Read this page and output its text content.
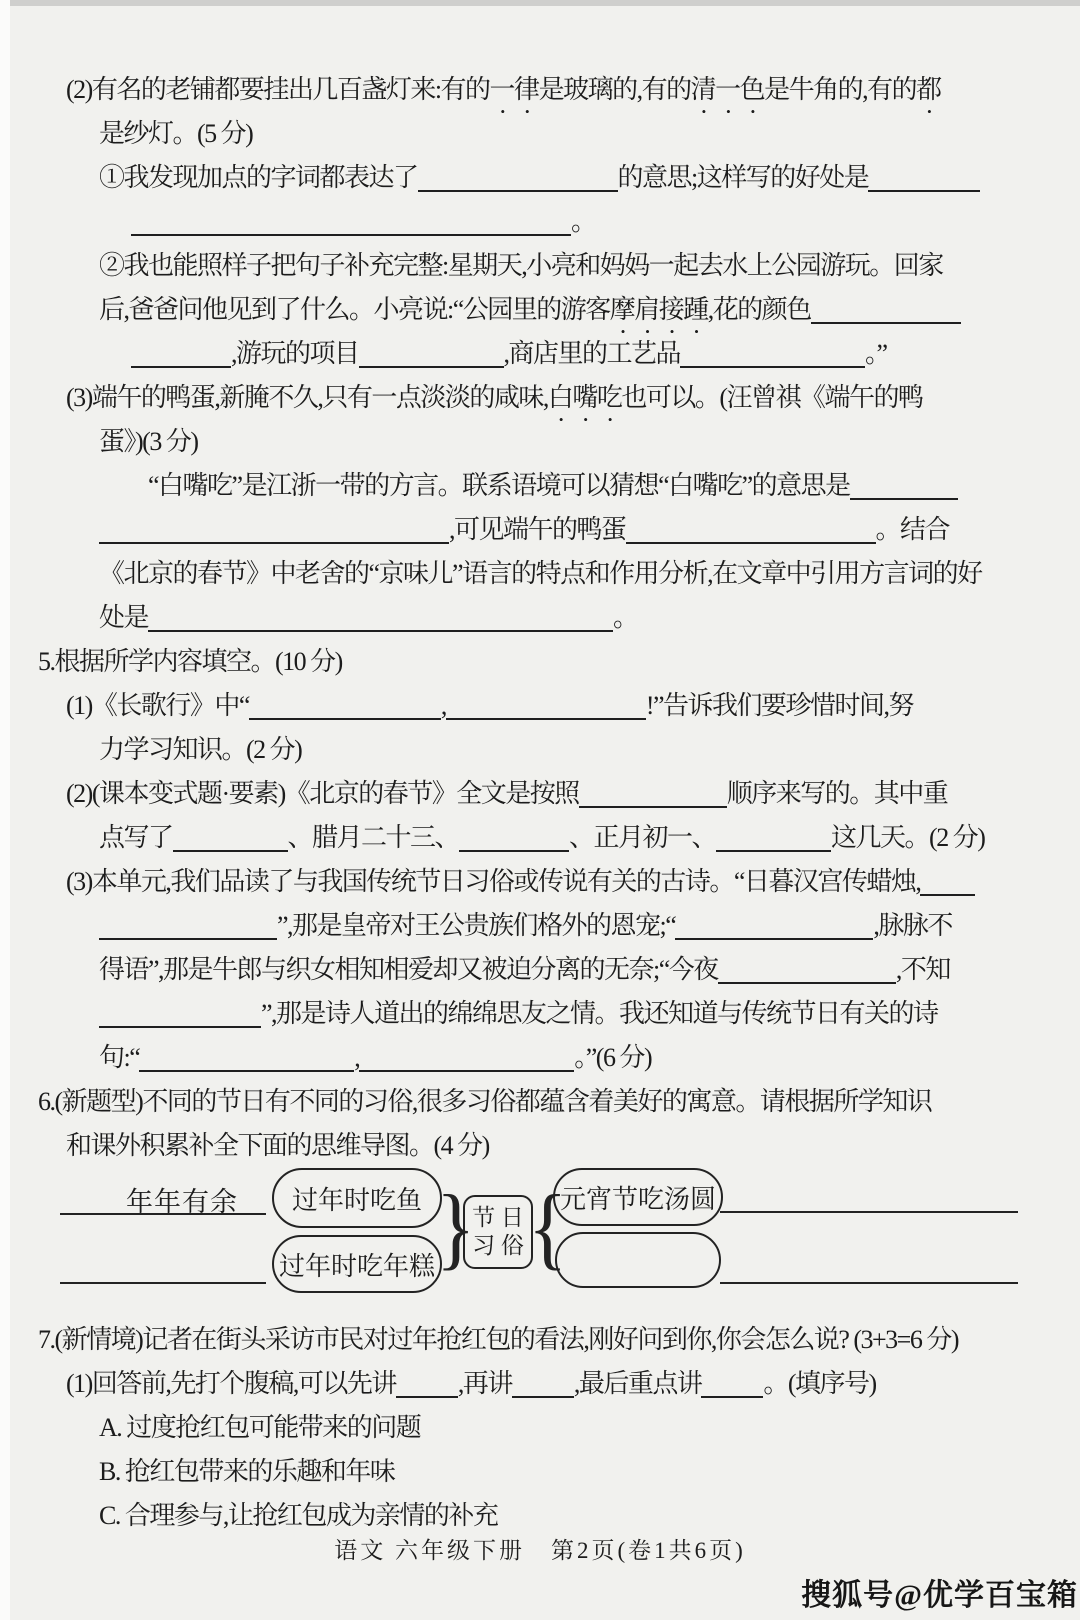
(2)有名的老铺都要挂出几百盏灯来:有的一律是玻璃的,有的清一色是牛角的,有的都
是纱灯。(5 分)
①我发现加点的字词都表达了	的意思;这样写的好处是
。
②我也能照样子把句子补充完整:星期天,小亮和妈妈一起去水上公园游玩。回家
后,爸爸问他见到了什么。小亮说:“公园里的游客摩肩接踵,花的颜色
,游玩的项目	,商店里的工艺品	。”
(3)端午的鸭蛋,新腌不久,只有一点淡淡的咸味,白嘴吃也可以。(汪曾祺《端午的鸭
蛋》)(3 分)
“白嘴吃”是江浙一带的方言。联系语境可以猜想“白嘴吃”的意思是
,可见端午的鸭蛋	。结合
《北京的春节》中老舍的“京味儿”语言的特点和作用分析,在文章中引用方言词的好
处是	。
5.根据所学内容填空。(10 分)
(1)《长歌行》中“	,	!”告诉我们要珍惜时间,努
力学习知识。(2 分)
(2)(课本变式题·要素)《北京的春节》全文是按照	顺序来写的。其中重
点写了	、腊月二十三、	、正月初一、	这几天。(2 分)
(3)本单元,我们品读了与我国传统节日习俗或传说有关的古诗。“日暮汉宫传蜡烛,
”,那是皇帝对王公贵族们格外的恩宠;“	,脉脉不
得语”,那是牛郎与织女相知相爱却又被迫分离的无奈;“今夜	,不知
”,那是诗人道出的绵绵思友之情。我还知道与传统节日有关的诗
句:“	,	。”(6 分)
6.(新题型)不同的节日有不同的习俗,很多习俗都蕴含着美好的寓意。请根据所学知识
和课外积累补全下面的思维导图。(4 分)
年年有余	过年时吃鱼
过年时吃年糕 }
节 日
习 俗 {
元宵节吃汤圆
7.(新情境)记者在街头采访市民对过年抢红包的看法,刚好问到你,你会怎么说? (3+3=6 分)
(1)回答前,先打个腹稿,可以先讲 ,再讲 ,最后重点讲 。(填序号)
A. 过度抢红包可能带来的问题
B. 抢红包带来的乐趣和年味
C. 合理参与,让抢红包成为亲情的补充
语文 六年级下册　第2页(卷1共6页)
搜狐号@优学百宝箱
